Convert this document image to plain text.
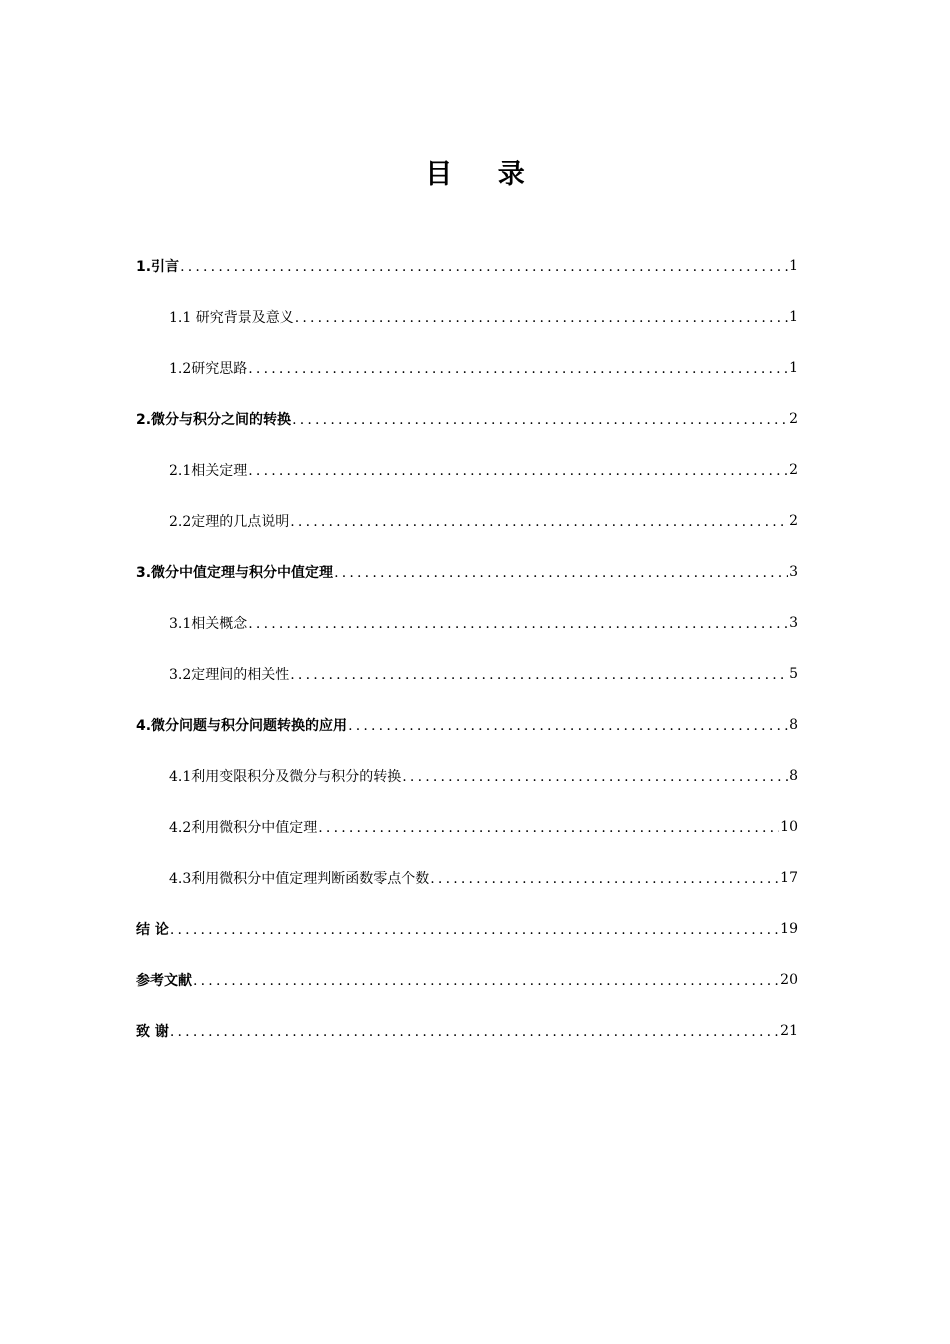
目 录
1.引言 .....	1
1.1 研究背景及意义 .....	1
1.2研究思路 .....	1
2.微分与积分之间的转换 .....	2
2.1相关定理 .....	2
2.2定理的几点说明 .....	2
3.微分中值定理与积分中值定理 .....	3
3.1相关概念 .....	3
3.2定理间的相关性 .....	5
4.微分问题与积分问题转换的应用 .....	8
4.1利用变限积分及微分与积分的转换 .....	8
4.2利用微积分中值定理 .....	10
4.3利用微积分中值定理判断函数零点个数 .....	17
结 论 .....	19
参考文献 .....	20
致 谢 .....	21
